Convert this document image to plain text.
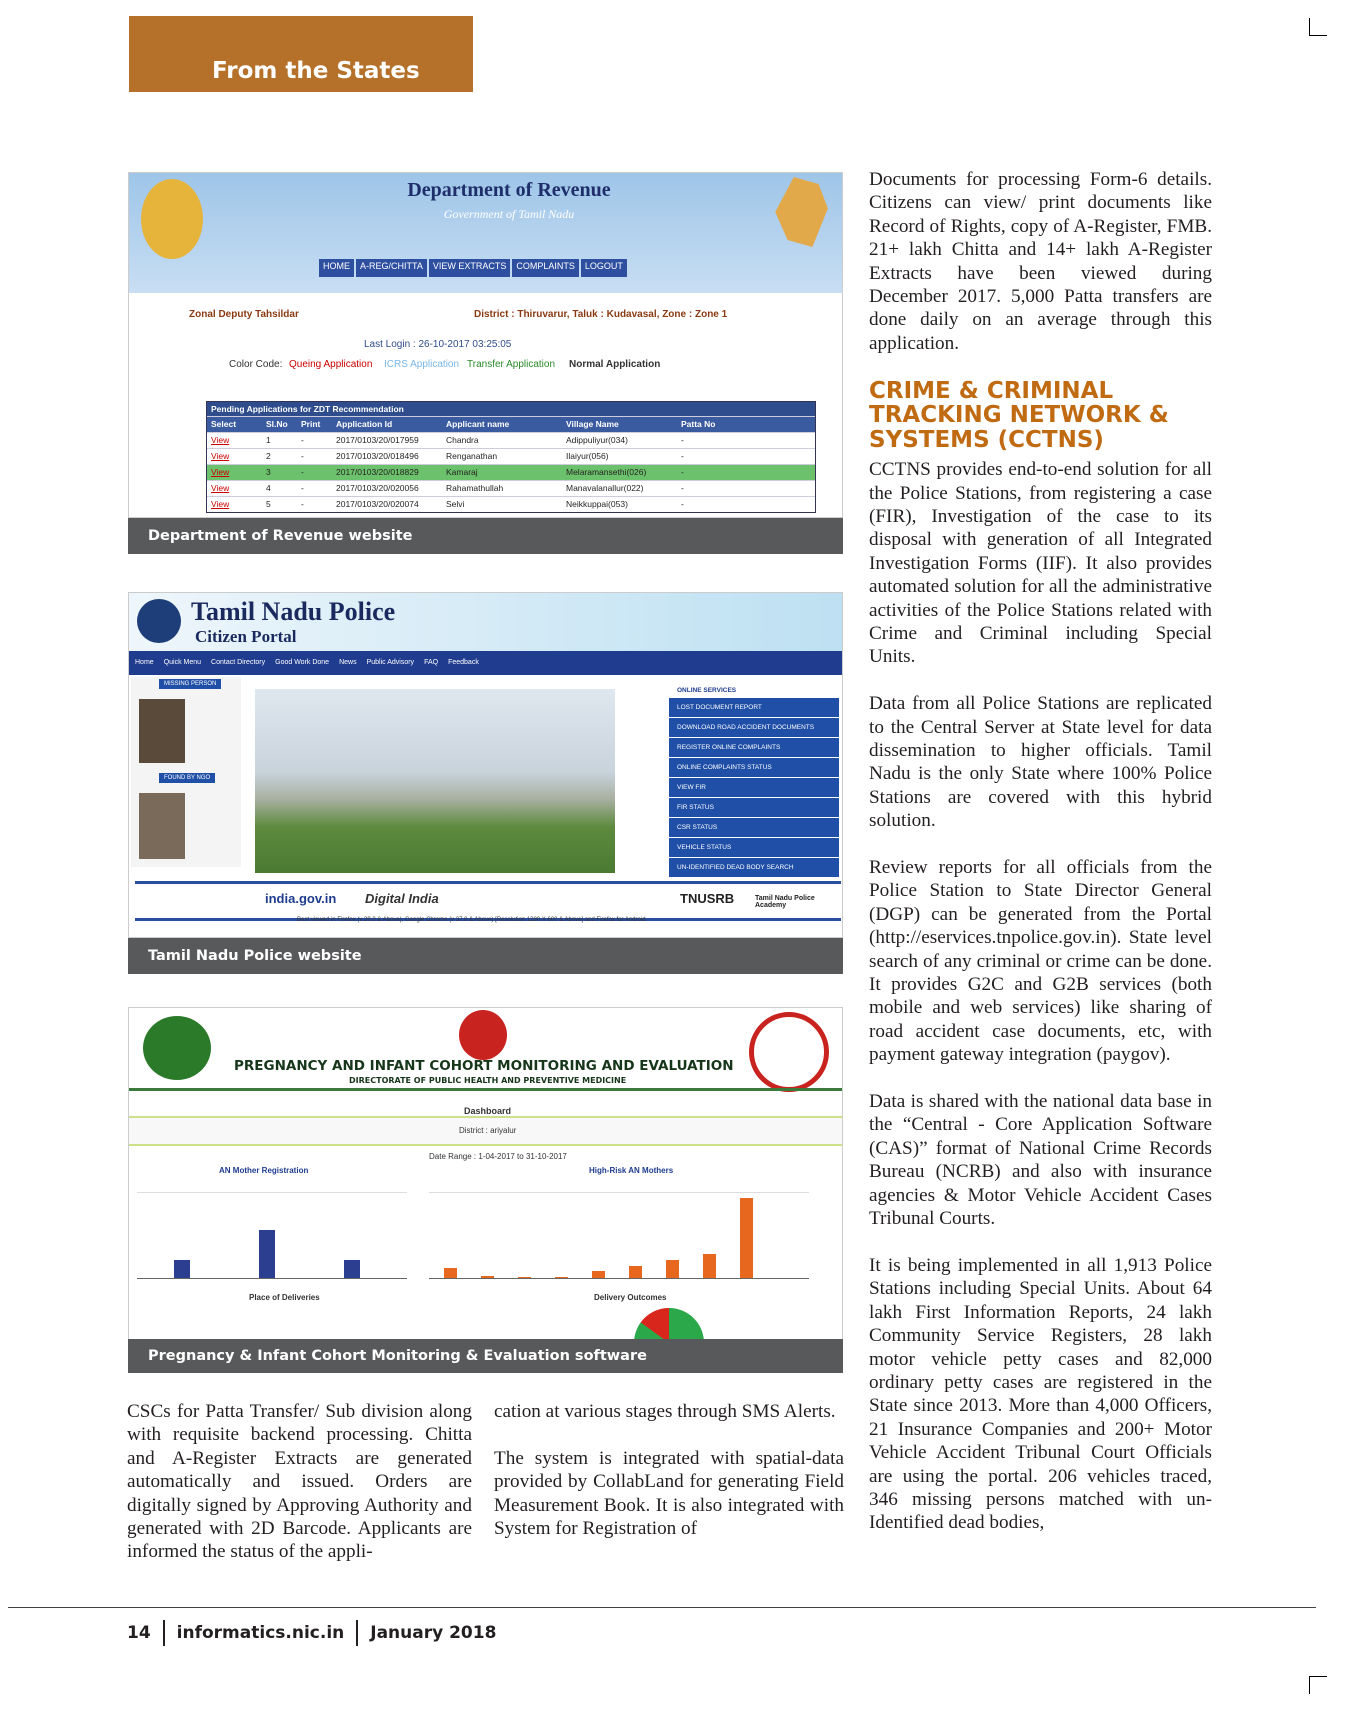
From the States
Department of Revenue
Government of Tamil Nadu
HOME	A-REG/CHITTA	VIEW EXTRACTS	COMPLAINTS	LOGOUT
Zonal Deputy Tahsildar	District : Thiruvarur, Taluk : Kudavasal, Zone : Zone 1
Last Login : 26-10-2017 03:25:05
Color Code: Queing Application ICRS Application Transfer Application Normal Application
Pending Applications for ZDT Recommendation
Select	Sl.No	Print	Application Id	Applicant name	Village Name	Patta No
View	1	-	2017/0103/20/017959	Chandra	Adippuliyur(034)	-
View	2	-	2017/0103/20/018496	Renganathan	Ilaiyur(056)	-
View	3	-	2017/0103/20/018829	Kamaraj	Melaramansethi(026)	-
View	4	-	2017/0103/20/020056	Rahamathullah	Manavalanallur(022)	-
View	5	-	2017/0103/20/020074	Selvi	Neikkuppai(053)	-
Department of Revenue website
Tamil Nadu Police
Citizen Portal
Home Quick Menu Contact Directory Good Work Done News Public Advisory FAQ Feedback
MISSING PERSON
FOUND BY NGO
ONLINE SERVICES
LOST DOCUMENT REPORT
DOWNLOAD ROAD ACCIDENT DOCUMENTS
REGISTER ONLINE COMPLAINTS
ONLINE COMPLAINTS STATUS
VIEW FIR
FIR STATUS
CSR STATUS
VEHICLE STATUS
UN-IDENTIFIED DEAD BODY SEARCH
india.gov.in Digital India	TNUSRB	Tamil Nadu Police Academy
Best viewed in Firefox (v 39.0 & Above), Google Chrome (v 37.0 & Above) [Resolution 1280 X 600 & Above] and Firefox for Android
Tamil Nadu Police website
PREGNANCY AND INFANT COHORT MONITORING AND EVALUATION
DIRECTORATE OF PUBLIC HEALTH AND PREVENTIVE MEDICINE
Dashboard
District : ariyalur
Date Range : 1-04-2017 to 31-10-2017
AN Mother Registration
Place of Deliveries
High-Risk AN Mothers
Delivery Outcomes
Pregnancy & Infant Cohort Monitoring & Evaluation software

CSCs for Patta Transfer/ Sub division along with requisite backend processing. Chitta and A-Register Extracts are generated automatically and issued. Orders are digitally signed by Approving Authority and generated with 2D Barcode. Applicants are informed the status of the appli-

cation at various stages through SMS Alerts.

The system is integrated with spatial-data provided by CollabLand for generating Field Measurement Book. It is also integrated with System for Registration of

Documents for processing Form-6 details. Citizens can view/ print documents like Record of Rights, copy of A-Register, FMB. 21+ lakh Chitta and 14+ lakh A-Register Extracts have been viewed during December 2017. 5,000 Patta transfers are done daily on an average through this application.

CRIME & CRIMINAL TRACKING NETWORK & SYSTEMS (CCTNS)

CCTNS provides end-to-end solution for all the Police Stations, from registering a case (FIR), Investigation of the case to its disposal with generation of all Integrated Investigation Forms (IIF). It also provides automated solution for all the administrative activities of the Police Stations related with Crime and Criminal including Special Units.

Data from all Police Stations are replicated to the Central Server at State level for data dissemination to higher officials. Tamil Nadu is the only State where 100% Police Stations are covered with this hybrid solution.

Review reports for all officials from the Police Station to State Director General (DGP) can be generated from the Portal (http://eservices.tnpolice.gov.in). State level search of any criminal or crime can be done. It provides G2C and G2B services (both mobile and web services) like sharing of road accident case documents, etc, with payment gateway integration (paygov).

Data is shared with the national data base in the “Central - Core Application Software (CAS)” format of National Crime Records Bureau (NCRB) and also with insurance agencies & Motor Vehicle Accident Cases Tribunal Courts.

It is being implemented in all 1,913 Police Stations including Special Units. About 64 lakh First Information Reports, 24 lakh Community Service Registers, 28 lakh motor vehicle petty cases and 82,000 ordinary petty cases are registered in the State since 2013. More than 4,000 Officers, 21 Insurance Companies and 200+ Motor Vehicle Accident Tribunal Court Officials are using the portal. 206 vehicles traced, 346 missing persons matched with un-Identified dead bodies,

14 informatics.nic.in January 2018
